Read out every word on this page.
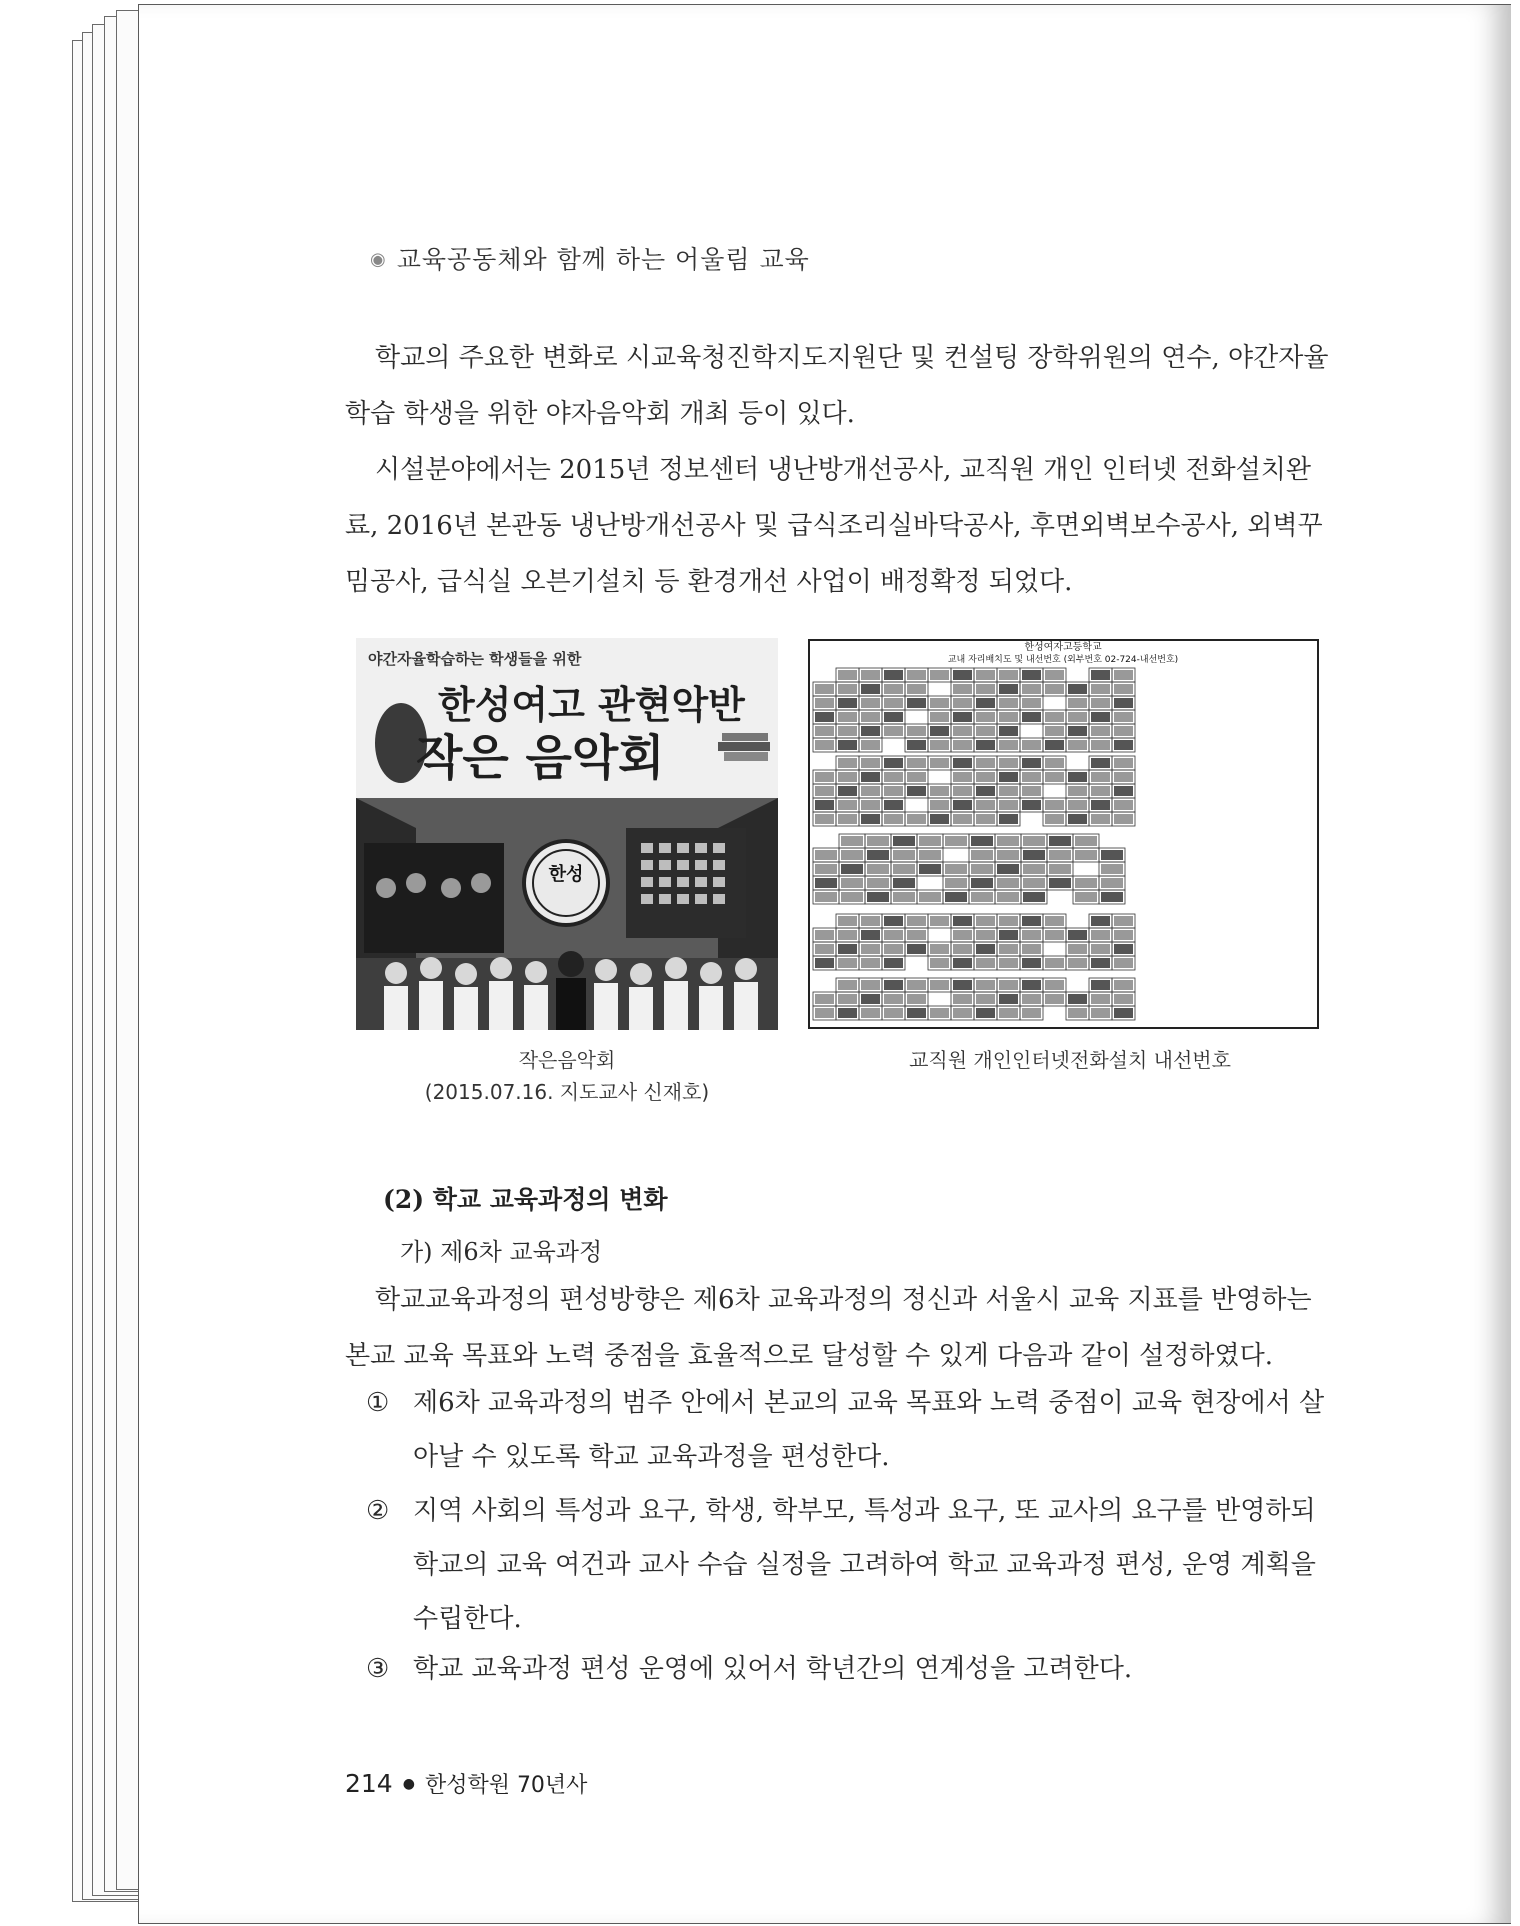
◉ 교육공동체와 함께 하는 어울림 교육
학교의 주요한 변화로 시교육청진학지도지원단 및 컨설팅 장학위원의 연수, 야간자율학습 학생을 위한 야자음악회 개최 등이 있다.
시설분야에서는 2015년 정보센터 냉난방개선공사, 교직원 개인 인터넷 전화설치완료, 2016년 본관동 냉난방개선공사 및 급식조리실바닥공사, 후면외벽보수공사, 외벽꾸밈공사, 급식실 오븐기설치 등 환경개선 사업이 배정확정 되었다.
야간자율학습하는 학생들을 위한
한성여고 관현악반
작은 음악회
한성
한성여자고등학교
교내 자리배치도 및 내선번호 (외부번호 02-724-내선번호)
작은음악회
(2015.07.16. 지도교사 신재호)
교직원 개인인터넷전화설치 내선번호
(2) 학교 교육과정의 변화
가) 제6차 교육과정
학교교육과정의 편성방향은 제6차 교육과정의 정신과 서울시 교육 지표를 반영하는 본교 교육 목표와 노력 중점을 효율적으로 달성할 수 있게 다음과 같이 설정하였다.
① 제6차 교육과정의 범주 안에서 본교의 교육 목표와 노력 중점이 교육 현장에서 살아날 수 있도록 학교 교육과정을 편성한다.
② 지역 사회의 특성과 요구, 학생, 학부모, 특성과 요구, 또 교사의 요구를 반영하되 학교의 교육 여건과 교사 수습 실정을 고려하여 학교 교육과정 편성, 운영 계획을 수립한다.
③ 학교 교육과정 편성 운영에 있어서 학년간의 연계성을 고려한다.
214 ● 한성학원 70년사
